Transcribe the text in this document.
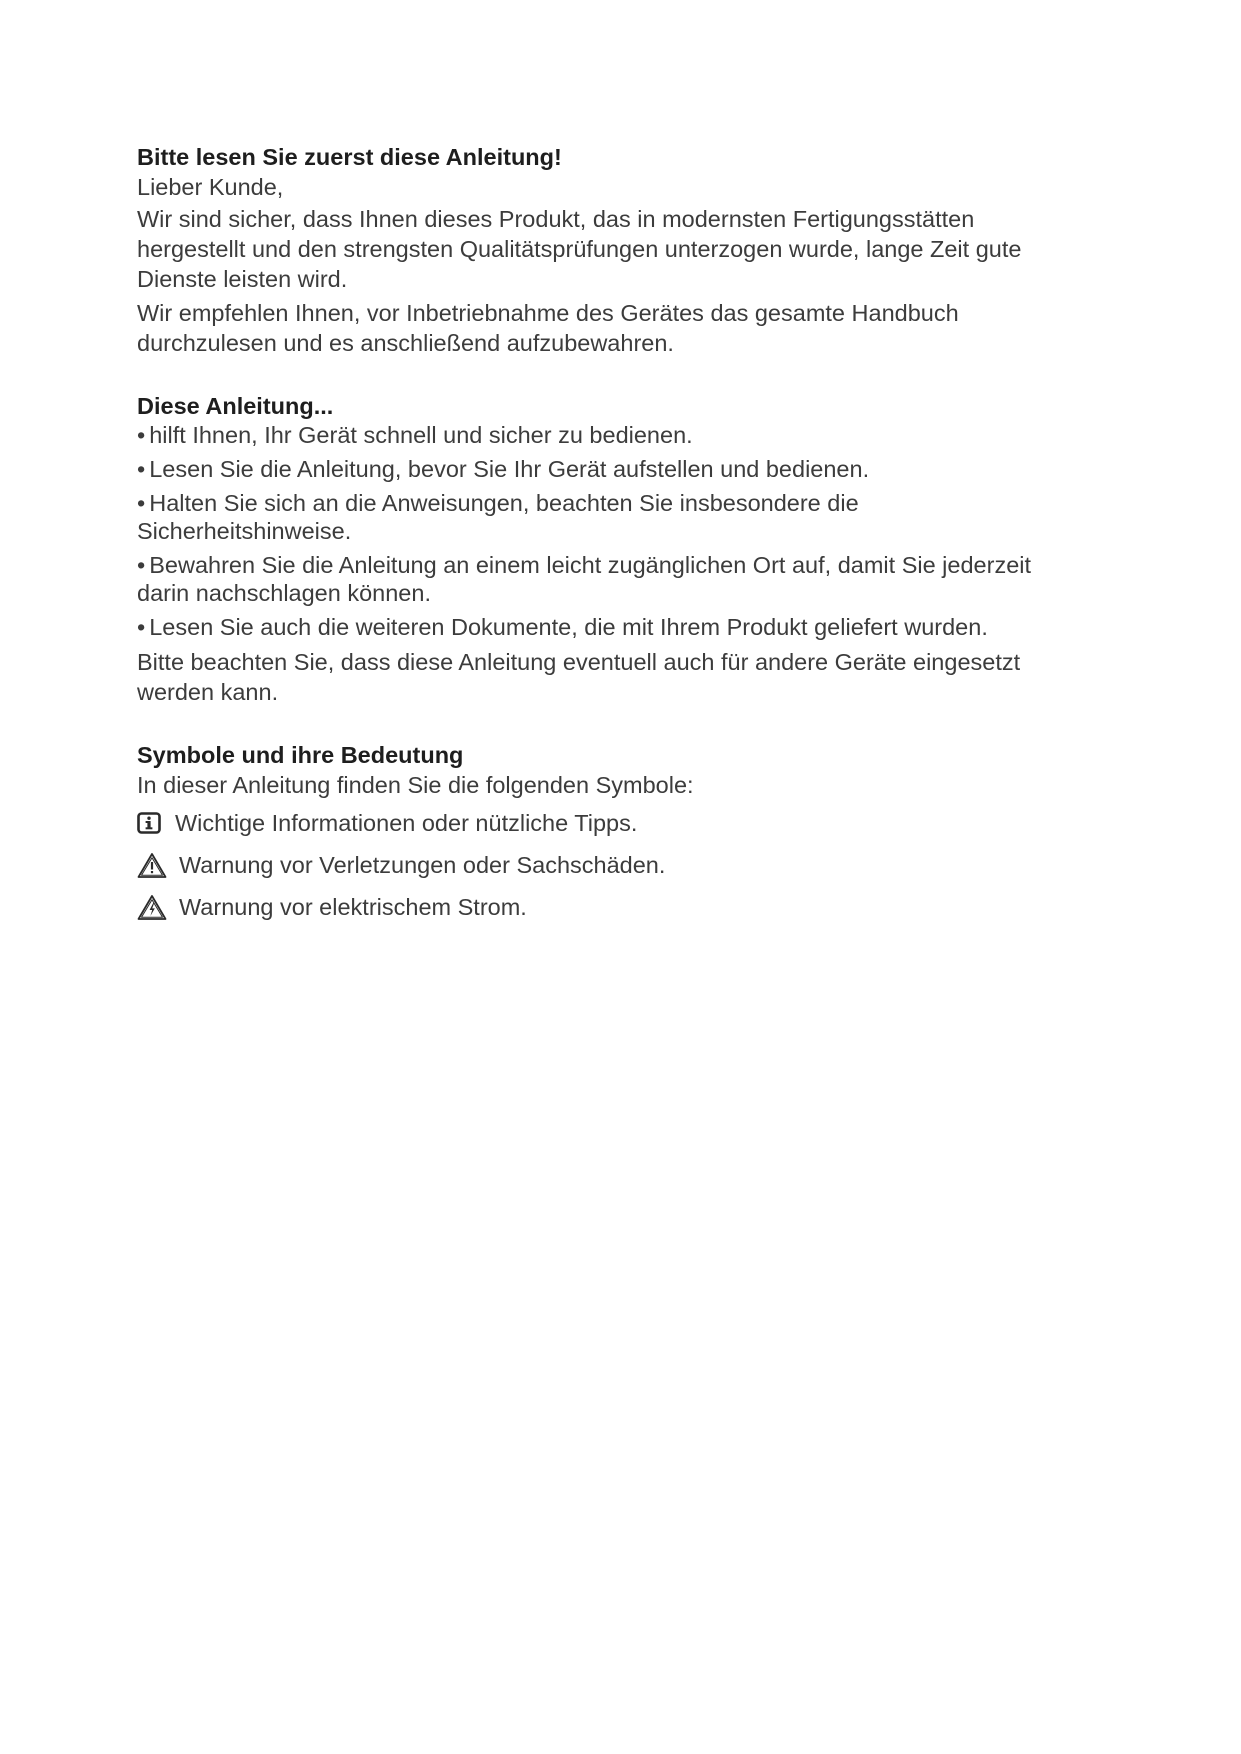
Bitte lesen Sie zuerst diese Anleitung!

Lieber Kunde,

Wir sind sicher, dass Ihnen dieses Produkt, das in modernsten Fertigungsstätten
hergestellt und den strengsten Qualitätsprüfungen unterzogen wurde, lange Zeit gute
Dienste leisten wird.

Wir empfehlen Ihnen, vor Inbetriebnahme des Gerätes das gesamte Handbuch
durchzulesen und es anschließend aufzubewahren.

Diese Anleitung...
• hilft Ihnen, Ihr Gerät schnell und sicher zu bedienen.
• Lesen Sie die Anleitung, bevor Sie Ihr Gerät aufstellen und bedienen.
• Halten Sie sich an die Anweisungen, beachten Sie insbesondere die
Sicherheitshinweise.
• Bewahren Sie die Anleitung an einem leicht zugänglichen Ort auf, damit Sie jederzeit
darin nachschlagen können.
• Lesen Sie auch die weiteren Dokumente, die mit Ihrem Produkt geliefert wurden.

Bitte beachten Sie, dass diese Anleitung eventuell auch für andere Geräte eingesetzt
werden kann.

Symbole und ihre Bedeutung

In dieser Anleitung finden Sie die folgenden Symbole:

Wichtige Informationen oder nützliche Tipps.
Warnung vor Verletzungen oder Sachschäden.
Warnung vor elektrischem Strom.
